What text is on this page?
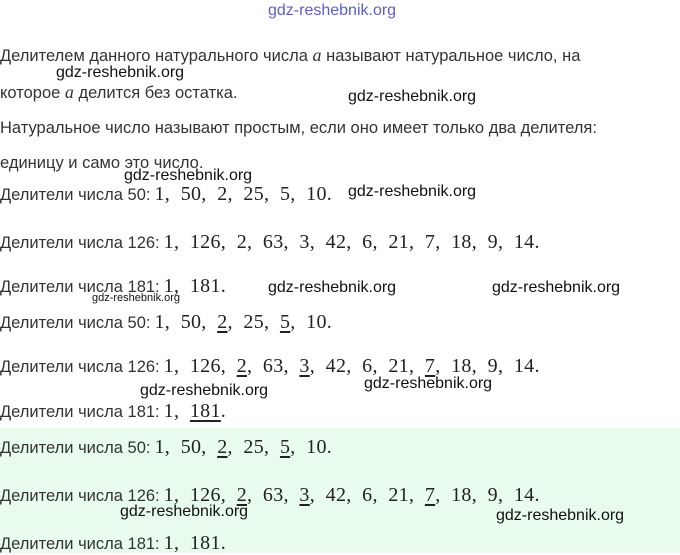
gdz-reshebnik.org
Делителем данного натурального числа a называют натуральное число, на
которое a делится без остатка.
Натуральное число называют простым, если оно имеет только два делителя:
единицу и само это число.
Делители числа 50: 1,  50,  2,  25,  5,  10.
Делители числа 126: 1,  126,  2,  63,  3,  42,  6,  21,  7,  18,  9,  14.
Делители числа 181: 1,  181.
Делители числа 50: 1,  50,  2,  25,  5,  10.
Делители числа 126: 1,  126,  2,  63,  3,  42,  6,  21,  7,  18,  9,  14.
Делители числа 181: 1,  181.
Делители числа 50: 1,  50,  2,  25,  5,  10.
Делители числа 126: 1,  126,  2,  63,  3,  42,  6,  21,  7,  18,  9,  14.
Делители числа 181: 1,  181.
gdz-reshebnik.org
gdz-reshebnik.org
gdz-reshebnik.org
gdz-reshebnik.org
gdz-reshebnik.org	gdz-reshebnik.org
gdz-reshebnik.org
gdz-reshebnik.org	gdz-reshebnik.org
gdz-reshebnik.org	gdz-reshebnik.org
